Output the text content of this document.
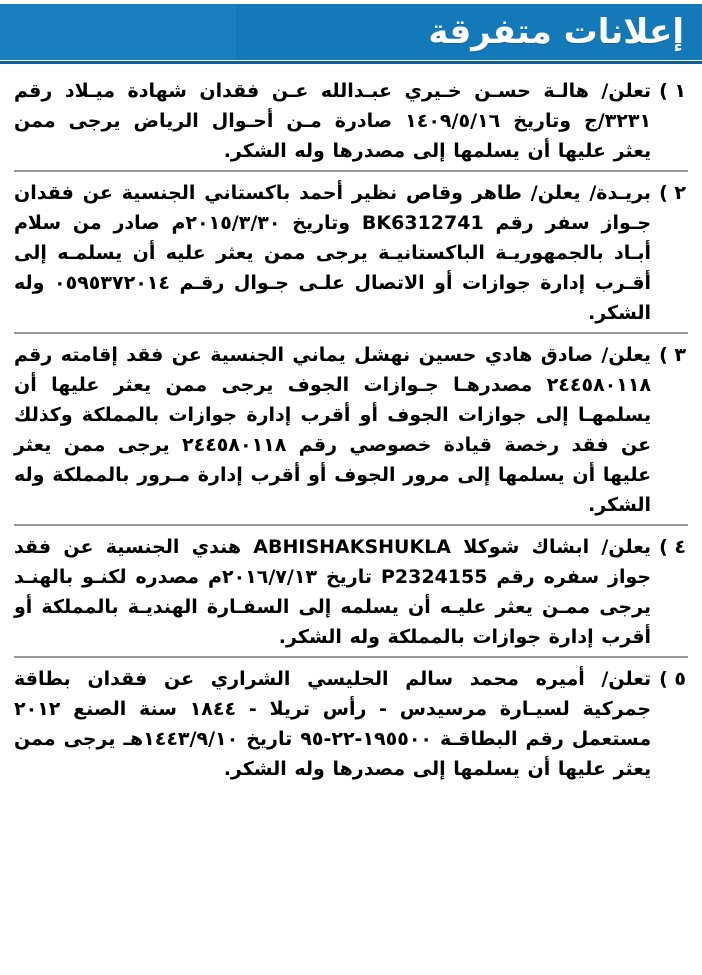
إعلانات متفرقة
١ )
تعلن/ هالـة حسـن خـيري عبـدالله عـن فقدان شهادة ميـلاد رقم ٣٢٣١/ج وتاريخ ١٤٠٩/٥/١٦ صادرة مـن أحـوال الرياض يرجى ممن يعثر عليها أن يسلمها إلى مصدرها وله الشكر.
٢ )
بريـدة/ يعلن/ طاهر وقاص نظير أحمد باكستاني الجنسية عن فقدان جـواز سفر رقم BK6312741 وتاريخ ٢٠١٥/٣/٣٠م صادر من سلام أبـاد بالجمهوريـة الباكستانيـة يرجى ممن يعثر عليه أن يسلمـه إلى أقـرب إدارة جوازات أو الاتصال علـى جـوال رقـم ٠٥٩٥٣٧٢٠١٤ وله الشكر.
٣ )
يعلن/ صادق هادي حسين نهشل يماني الجنسية عن فقد إقامته رقم ٢٤٤٥٨٠١١٨ مصدرهـا جـوازات الجوف يرجى ممن يعثر عليها أن يسلمهـا إلى جوازات الجوف أو أقرب إدارة جوازات بالمملكة وكذلك عن فقد رخصة قيادة خصوصي رقم ٢٤٤٥٨٠١١٨ يرجى ممن يعثر عليها أن يسلمها إلى مرور الجوف أو أقرب إدارة مـرور بالمملكة وله الشكر.
٤ )
يعلن/ ابشاك شوكلا ABHISHAKSHUKLA هندي الجنسية عن فقد جواز سفره رقم P2324155 تاريخ ٢٠١٦/٧/١٣م مصدره لكنـو بالهنـد يرجى ممـن يعثر عليـه أن يسلمه إلى السفـارة الهنديـة بالمملكة أو أقرب إدارة جوازات بالمملكة وله الشكر.
٥ )
تعلن/ أميره محمد سالم الحليسي الشراري عن فقدان بطاقة جمركية لسيـارة مرسيدس - رأس تريلا - ١٨٤٤ سنة الصنع ٢٠١٢ مستعمل رقم البطاقـة ١٩٥٥٠٠-٢٢-٩٥ تاريخ ١٤٤٣/٩/١٠هـ يرجى ممن يعثر عليها أن يسلمها إلى مصدرها وله الشكر.
